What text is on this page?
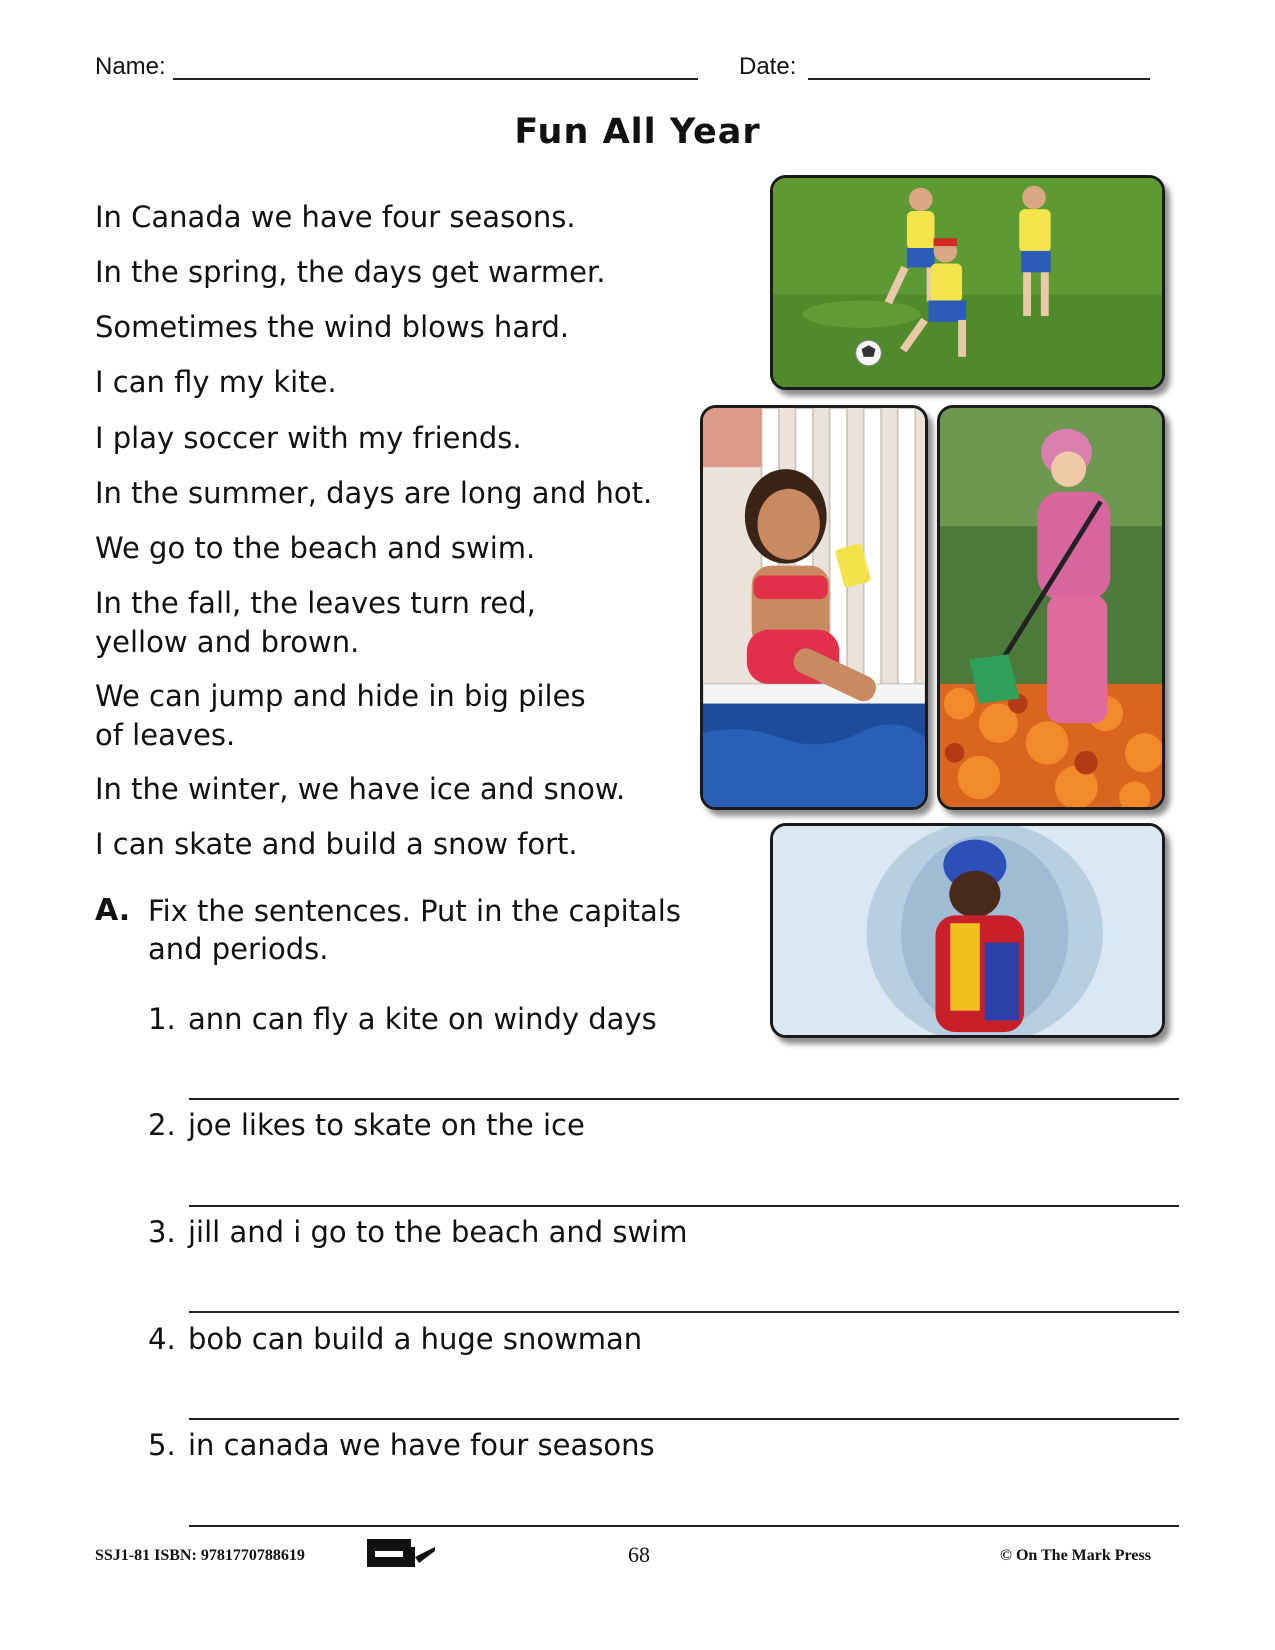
Name:	Date:
Fun All Year
In Canada we have four seasons.
In the spring, the days get warmer.
Sometimes the wind blows hard.
I can fly my kite.
I play soccer with my friends.
In the summer, days are long and hot.
We go to the beach and swim.
In the fall, the leaves turn red,
yellow and brown.
We can jump and hide in big piles
of leaves.
In the winter, we have ice and snow.
I can skate and build a snow fort.
A. Fix the sentences. Put in the capitals
and periods.
1. ann can fly a kite on windy days
2. joe likes to skate on the ice
3. jill and i go to the beach and swim
4. bob can build a huge snowman
5. in canada we have four seasons
SSJ1-81 ISBN: 9781770788619	68	© On The Mark Press
